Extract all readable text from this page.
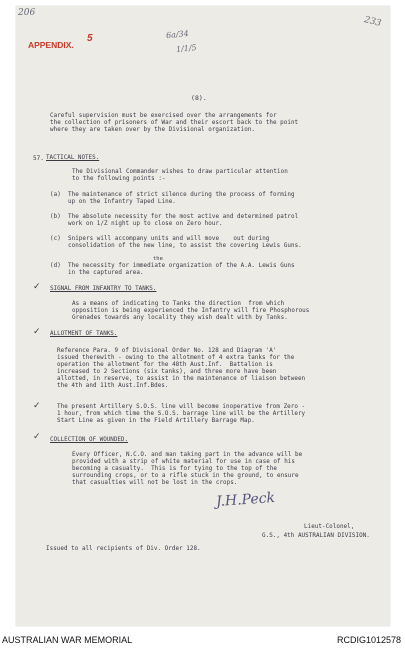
206
233
APPENDIX.
5	6a/34
1/1/5
(8).
Careful supervision must be exercised over the arrangements for
the collection of prisoners of War and their escort back to the point
where they are taken over by the Divisional organization.
57. TACTICAL NOTES.
The Divisional Commander wishes to draw particular attention
to the following points :-
(a) The maintenance of strict silence during the process of forming
up on the Infantry Taped Line.
(b) The absolute necessity for the most active and determined patrol
work on 1/Z night up to close on Zero hour.
(c) Snipers will accompany units and will move    out during
consolidation of the new line, to assist the covering Lewis Guns.
the
(d) The necessity for immediate organization of the A.A. Lewis Guns
in the captured area.
✓ SIGNAL FROM INFANTRY TO TANKS.
As a means of indicating to Tanks the direction  from which
opposition is being experienced the Infantry will fire Phosphorous
Grenades towards any locality they wish dealt with by Tanks.
✓ ALLOTMENT OF TANKS.
Reference Para. 9 of Divisional Order No. 128 and Diagram 'A'
issued therewith - owing to the allotment of 4 extra tanks for the
operation the allotment for the 48th Aust.Inf.  Battalion is
increased to 2 Sections (six tanks), and three more have been
allotted, in reserve, to assist in the maintenance of liaison between
the 4th and 11th Aust.Inf.Bdes.
✓	The present Artillery S.O.S. line will become inoperative from Zero -
1 hour, from which time the S.O.S. barrage line will be the Artillery
Start Line as given in the Field Artillery Barrage Map.
✓ COLLECTION OF WOUNDED.
Every Officer, N.C.O. and man taking part in the advance will be
provided with a strip of white material for use in case of his
becoming a casualty.  This is for tying to the top of the
surrounding crops, or to a rifle stuck in the ground, to ensure
that casualties will not be lost in the crops.
J.H.Peck
Lieut-Colonel,
G.S., 4th AUSTRALIAN DIVISION.
Issued to all recipients of Div. Order 128.
AUSTRALIAN WAR MEMORIAL	RCDIG1012578
